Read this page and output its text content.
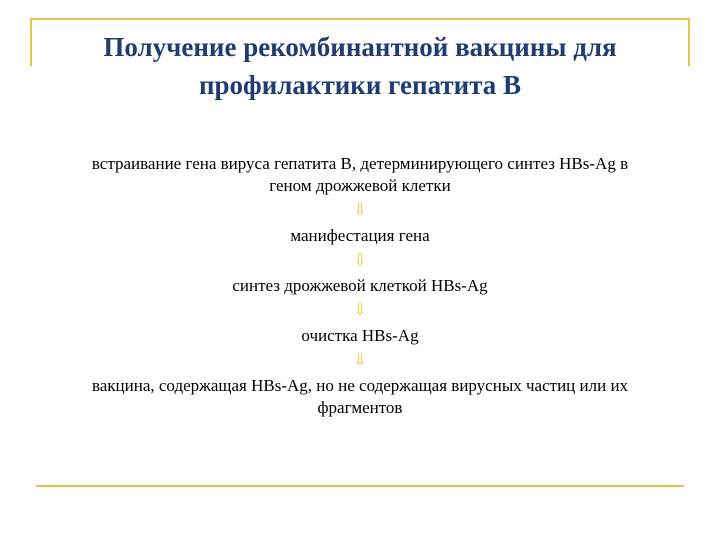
Получение рекомбинантной вакцины для
профилактики гепатита В
встраивание гена вируса гепатита В, детерминирующего синтез HBs-Ag в
геном дрожжевой клетки
⇩
манифестация гена
⇩
синтез дрожжевой клеткой HBs-Ag
⇩
очистка HBs-Ag
⇩
вакцина, содержащая HBs-Ag, но не содержащая вирусных частиц или их
фрагментов
